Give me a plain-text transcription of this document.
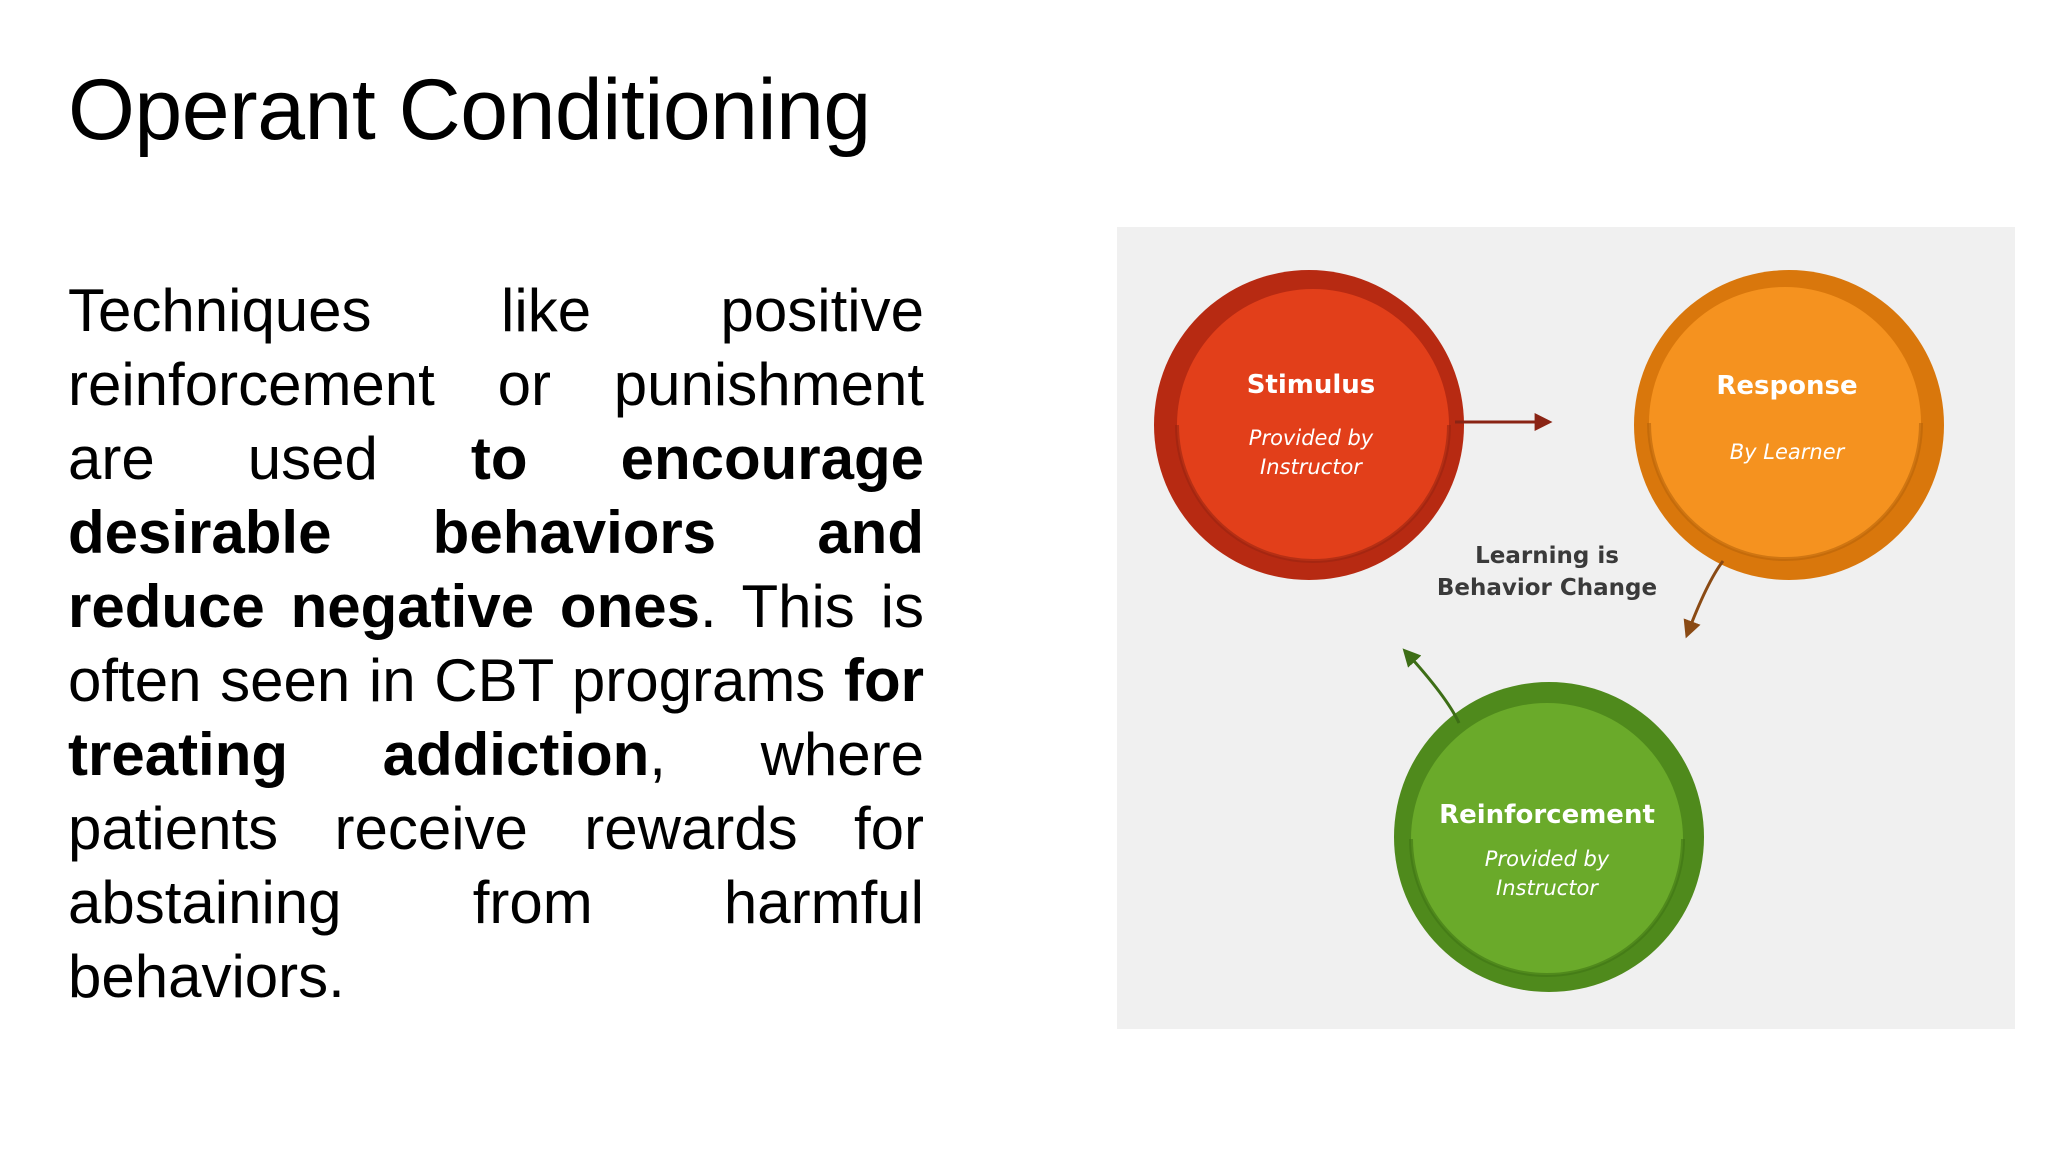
Operant Conditioning
Techniques like positive reinforcement or punishment are used to encourage desirable behaviors and reduce negative ones. This is often seen in CBT programs for treating addiction, where patients receive rewards for abstaining from harmful behaviors.
Stimulus
Provided by
Instructor
Response
By Learner
Reinforcement
Provided by
Instructor
Learning is
Behavior Change
